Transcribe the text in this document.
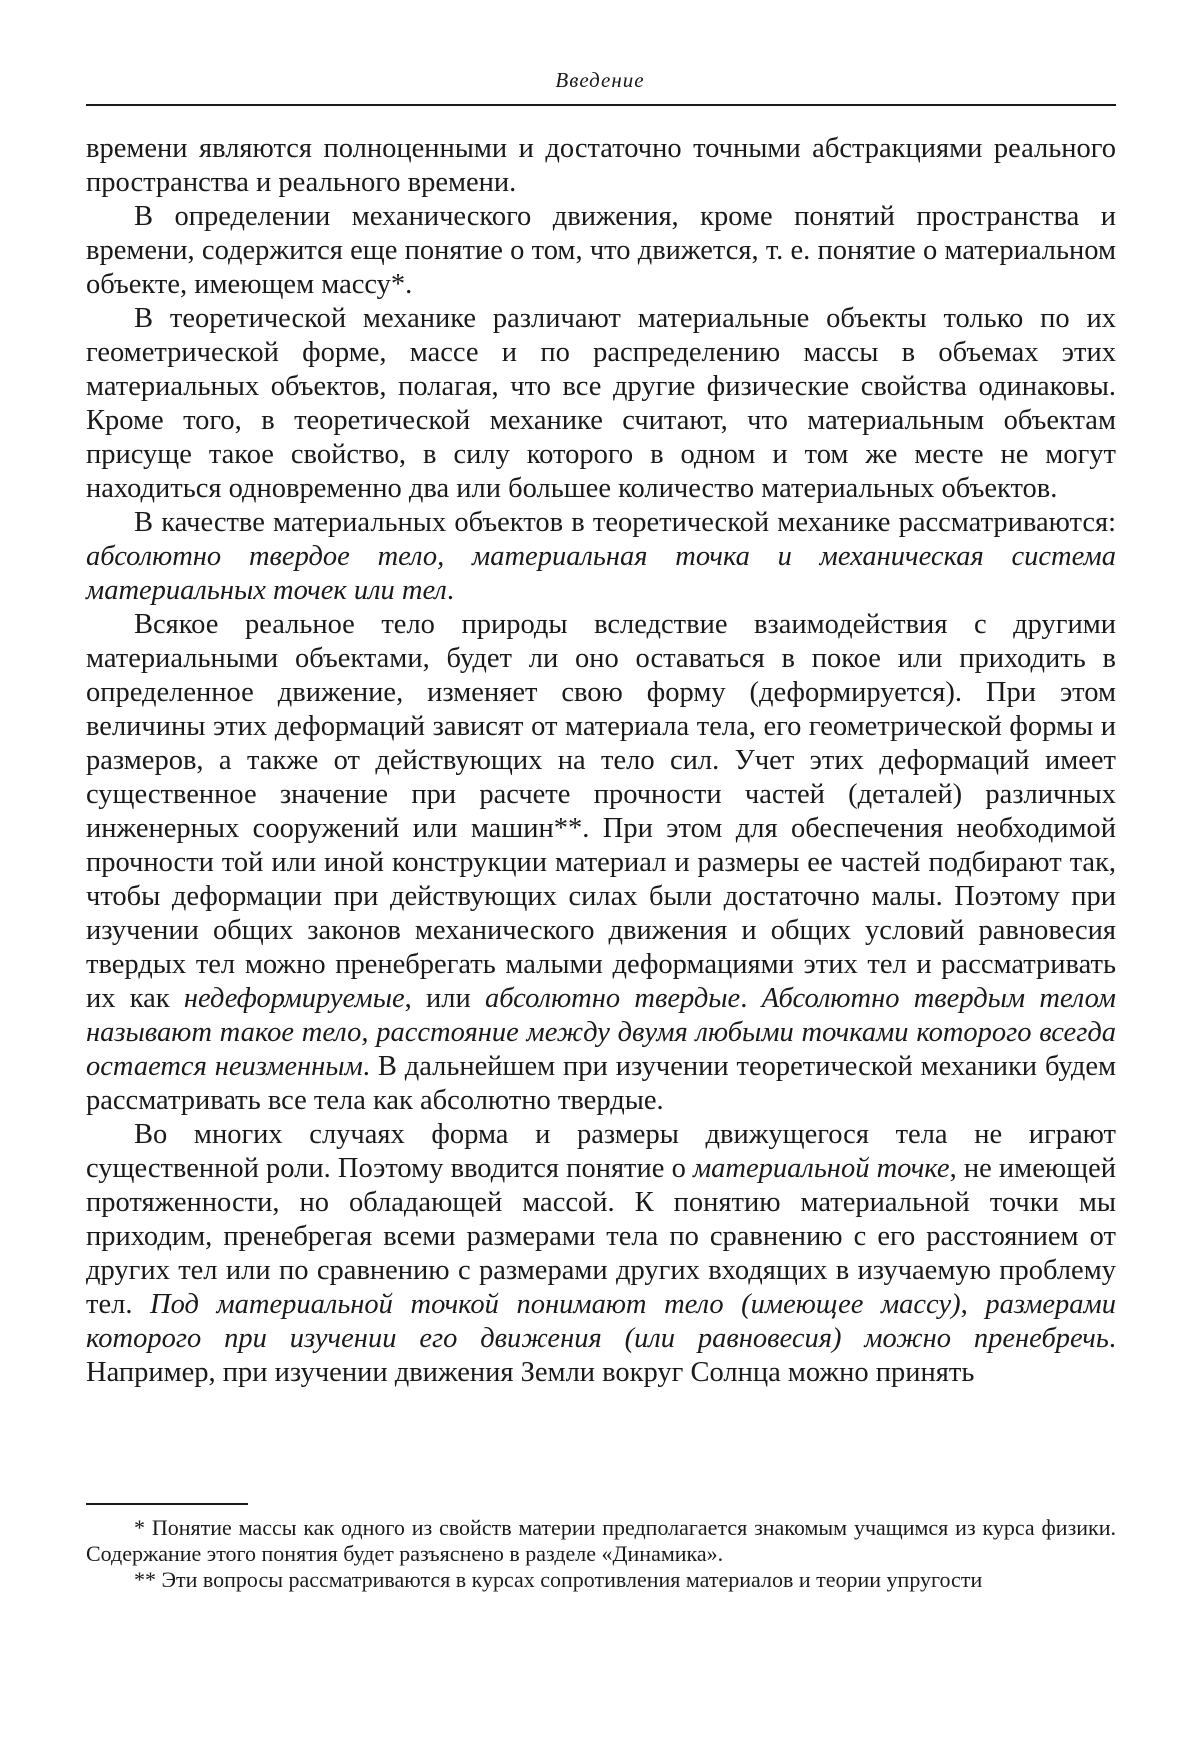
Введение

времени являются полноценными и достаточно точными абстракциями реального пространства и реального времени.

В определении механического движения, кроме понятий пространства и времени, содержится еще понятие о том, что движется, т. е. понятие о материальном объекте, имеющем массу*.

В теоретической механике различают материальные объекты только по их геометрической форме, массе и по распределению массы в объемах этих материальных объектов, полагая, что все другие физические свойства одинаковы. Кроме того, в теоретической механике считают, что материальным объектам присуще такое свойство, в силу которого в одном и том же месте не могут находиться одновременно два или большее количество материальных объектов.

В качестве материальных объектов в теоретической механике рассматриваются: абсолютно твердое тело, материальная точка и механическая система материальных точек или тел.

Всякое реальное тело природы вследствие взаимодействия с другими материальными объектами, будет ли оно оставаться в покое или приходить в определенное движение, изменяет свою форму (деформируется). При этом величины этих деформаций зависят от материала тела, его геометрической формы и размеров, а также от действующих на тело сил. Учет этих деформаций имеет существенное значение при расчете прочности частей (деталей) различных инженерных сооружений или машин**. При этом для обеспечения необходимой прочности той или иной конструкции материал и размеры ее частей подбирают так, чтобы деформации при действующих силах были достаточно малы. Поэтому при изучении общих законов механического движения и общих условий равновесия твердых тел можно пренебрегать малыми деформациями этих тел и рассматривать их как недеформируемые, или абсолютно твердые. Абсолютно твердым телом называют такое тело, расстояние между двумя любыми точками которого всегда остается неизменным. В дальнейшем при изучении теоретической механики будем рассматривать все тела как абсолютно твердые.

Во многих случаях форма и размеры движущегося тела не играют существенной роли. Поэтому вводится понятие о материальной точке, не имеющей протяженности, но обладающей массой. К понятию материальной точки мы приходим, пренебрегая всеми размерами тела по сравнению с его расстоянием от других тел или по сравнению с размерами других входящих в изучаемую проблему тел. Под материальной точкой понимают тело (имеющее массу), размерами которого при изучении его движения (или равновесия) можно пренебречь. Например, при изучении движения Земли вокруг Солнца можно принять

* Понятие массы как одного из свойств материи предполагается знакомым учащимся из курса физики. Содержание этого понятия будет разъяснено в разделе «Динамика».

** Эти вопросы рассматриваются в курсах сопротивления материалов и теории упругости
